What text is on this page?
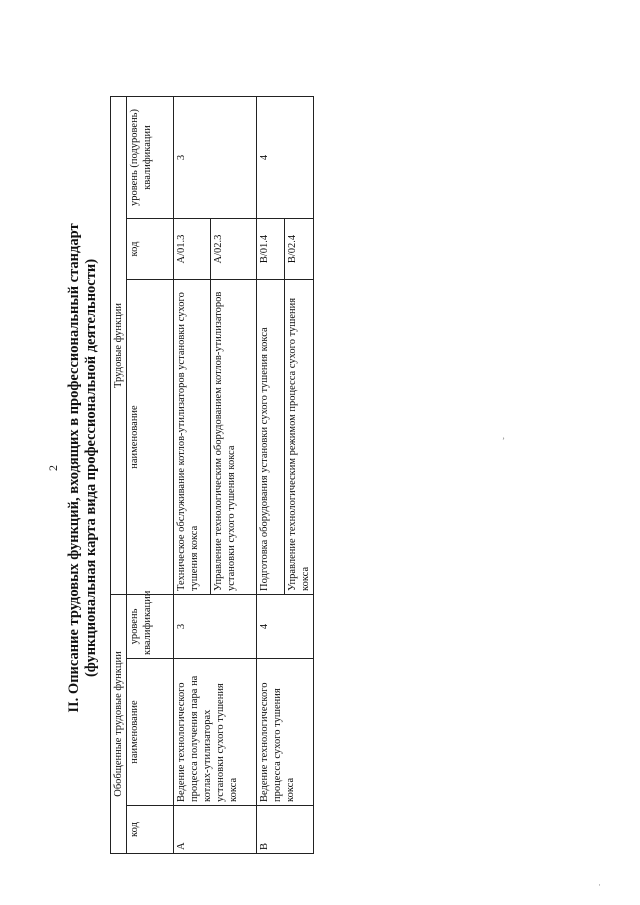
2 II. Описание трудовых функций, входящих в профессиональный стандарт (функциональная карта вида профессиональной деятельности)
Обобщенные трудовые функции			Трудовые функции		
код	наименование	уровень квалификации	наименование	код	уровень (подуровень) квалификации
A	Ведение технологического процесса получения пара на котлах-утилизаторах установки сухого тушения кокса	3	Техническое обслуживание котлов-утилизаторов установки сухого тушения кокса	А/01.3	3
			Управление технологическим оборудованием котлов-утилизаторов установки сухого тушения кокса	А/02.3	
B	Ведение технологического процесса сухого тушения кокса	4	Подготовка оборудования установки сухого тушения кокса	B/01.4	4
			Управление технологическим режимом процесса сухого тушения кокса	B/02.4	
ʼ
·
